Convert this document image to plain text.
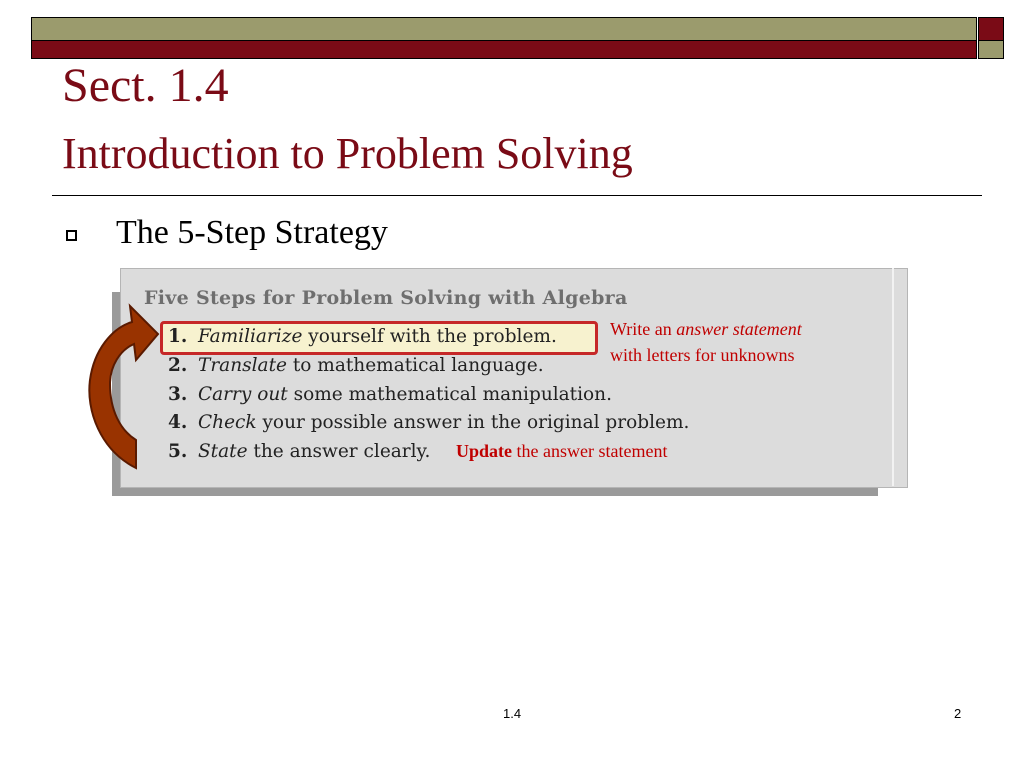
Sect. 1.4
Introduction to Problem Solving
The 5-Step Strategy
Five Steps for Problem Solving with Algebra
1. Familiarize yourself with the problem.
2. Translate to mathematical language.
3. Carry out some mathematical manipulation.
4. Check your possible answer in the original problem.
5. State the answer clearly.
Write an answer statement
with letters for unknowns
Update the answer statement
1.4	2
